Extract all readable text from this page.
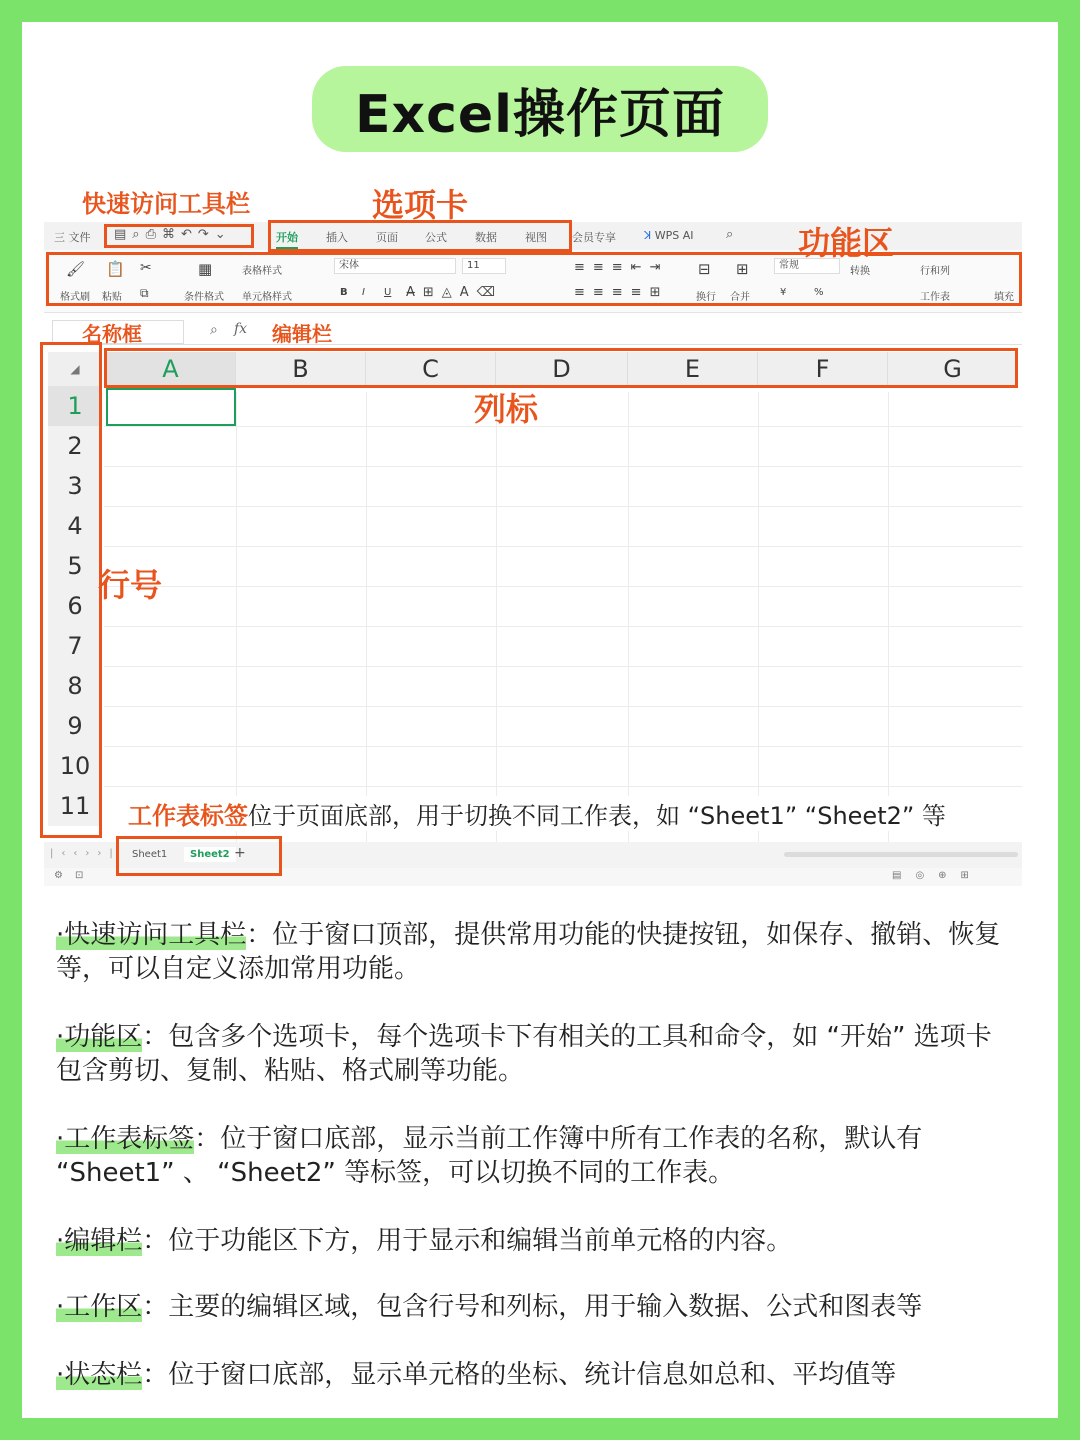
Excel操作页面
三 文件 ▤⌕⎙⌘↶↷⌄	开始	插入	页面 公式	数据	视图 会员专享	ꓘ WPS AI	⌕
🖌
格式刷
📋
粘贴
✂
⧉
▦
条件格式
表格样式
单元格样式
宋体	11
B I U A̶⊞◬A⌫
≡≡≡⇤⇥
≡≡≡≡⊞
⊟
换行
⊞
合并
常规
¥	%
转换	行和列
工作表	填充
⌕ fx
◢	A	B	C	D	E	F	G
1
2
3
4
5
6
7
8
9
10
11
|‹‹››| Sheet1	Sheet2 +
⚙⊡	▤◎⊕⊞
快速访问工具栏	选项卡
功能区
名称框	编辑栏
列标
行号
工作表标签位于页面底部，用于切换不同工作表，如 “Sheet1” “Sheet2” 等
·快速访问工具栏：位于窗口顶部，提供常用功能的快捷按钮，如保存、撤销、恢复等，可以自定义添加常用功能。
·功能区：包含多个选项卡，每个选项卡下有相关的工具和命令，如 “开始” 选项卡包含剪切、复制、粘贴、格式刷等功能。
·工作表标签：位于窗口底部，显示当前工作簿中所有工作表的名称，默认有 “Sheet1” 、 “Sheet2” 等标签，可以切换不同的工作表。
·编辑栏：位于功能区下方，用于显示和编辑当前单元格的内容。
·工作区：主要的编辑区域，包含行号和列标，用于输入数据、公式和图表等
·状态栏：位于窗口底部，显示单元格的坐标、统计信息如总和、平均值等
